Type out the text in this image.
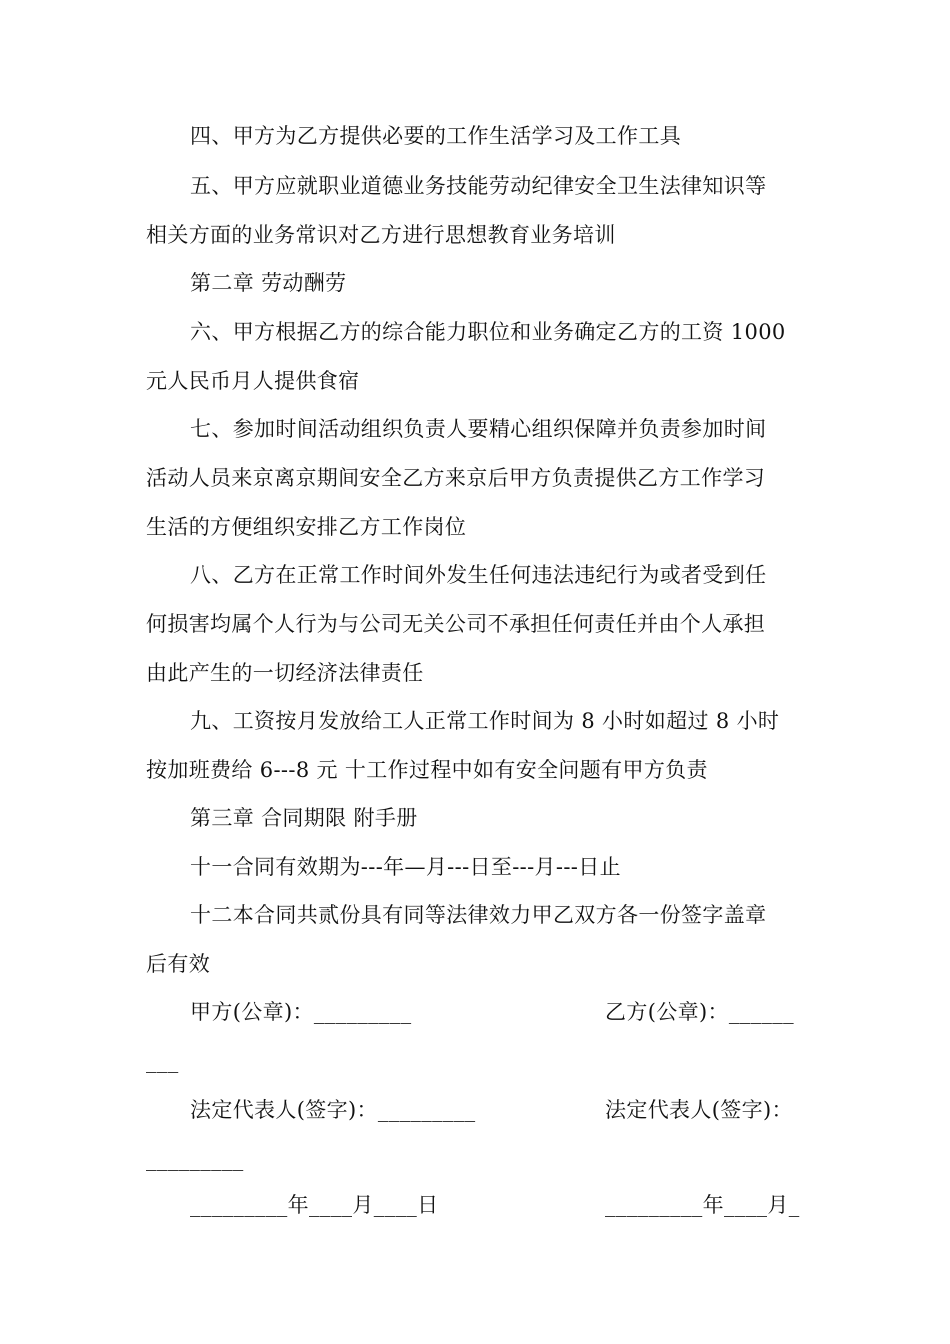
四、甲方为乙方提供必要的工作生活学习及工作工具
五、甲方应就职业道德业务技能劳动纪律安全卫生法律知识等
相关方面的业务常识对乙方进行思想教育业务培训
第二章 劳动酬劳
六、甲方根据乙方的综合能力职位和业务确定乙方的工资 1000
元人民币月人提供食宿
七、参加时间活动组织负责人要精心组织保障并负责参加时间
活动人员来京离京期间安全乙方来京后甲方负责提供乙方工作学习
生活的方便组织安排乙方工作岗位
八、乙方在正常工作时间外发生任何违法违纪行为或者受到任
何损害均属个人行为与公司无关公司不承担任何责任并由个人承担
由此产生的一切经济法律责任
九、工资按月发放给工人正常工作时间为 8 小时如超过 8 小时
按加班费给 6---8 元 十工作过程中如有安全问题有甲方负责
第三章 合同期限 附手册
十一合同有效期为---年—月---日至---月---日止
十二本合同共贰份具有同等法律效力甲乙双方各一份签字盖章
后有效
甲方(公章)：_________	乙方(公章)：______
___
法定代表人(签字)：_________	法定代表人(签字)：
_________
_________年____月____日	_________年____月_
